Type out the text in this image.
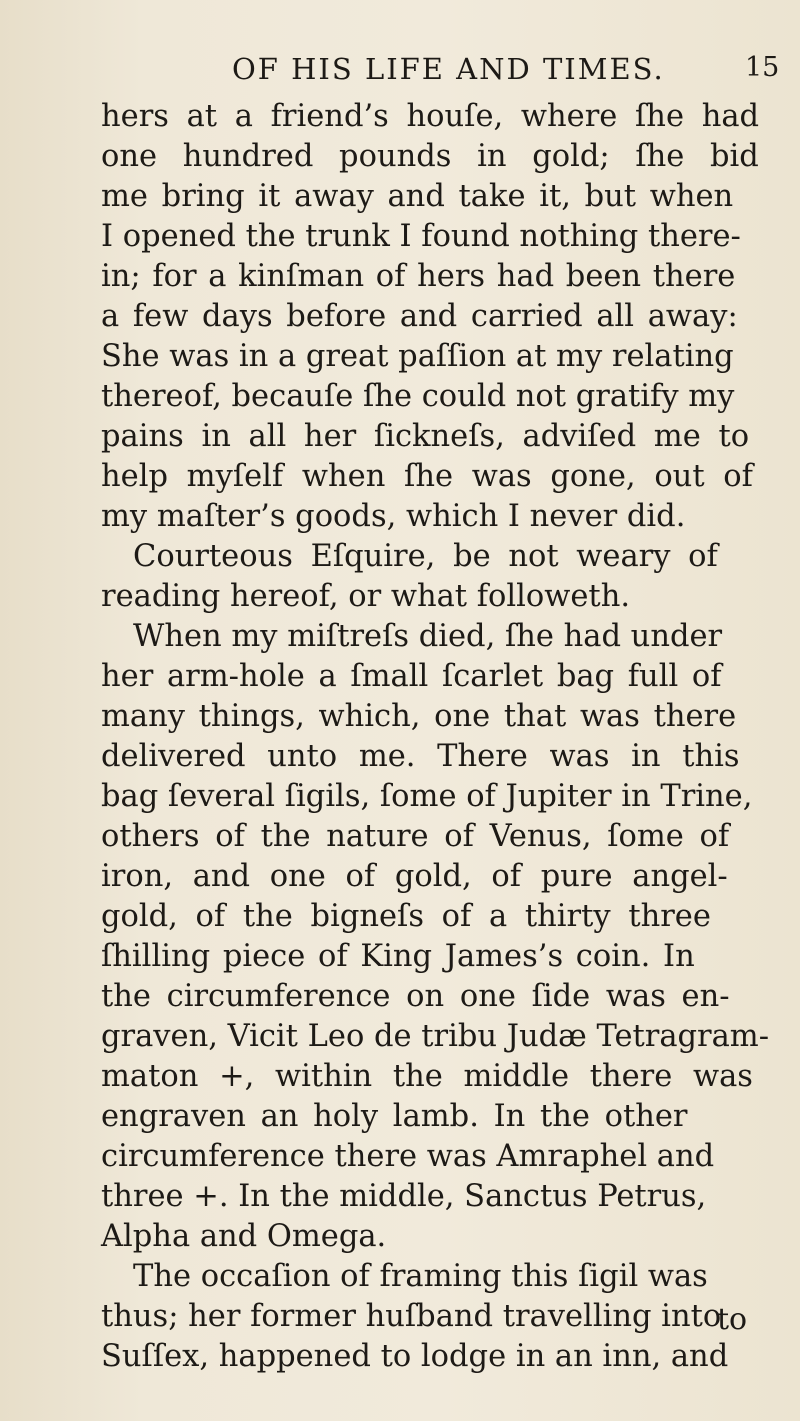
OF HIS LIFE AND TIMES.	15
hers at a friend’s houſe, where ſhe had
one hundred pounds in gold; ſhe bid
me bring it away and take it, but when
I opened the trunk I found nothing there-
in; for a kinſman of hers had been there
a few days before and carried all away:
She was in a great paſſion at my relating
thereof, becauſe ſhe could not gratify my
pains in all her ſickneſs, adviſed me to
help myſelf when ſhe was gone, out of
my maſter’s goods, which I never did.
Courteous Eſquire, be not weary of
reading hereof, or what followeth.
When my miſtreſs died, ſhe had under
her arm-hole a ſmall ſcarlet bag full of
many things, which, one that was there
delivered unto me. There was in this
bag ſeveral ſigils, ſome of Jupiter in Trine,
others of the nature of Venus, ſome of
iron, and one of gold, of pure angel-
gold, of the bigneſs of a thirty three
ſhilling piece of King James’s coin. In
the circumference on one ſide was en-
graven, Vicit Leo de tribu Judæ Tetragram-
maton +, within the middle there was
engraven an holy lamb. In the other
circumference there was Amraphel and
three +. In the middle, Sanctus Petrus,
Alpha and Omega.
The occaſion of framing this ſigil was
thus; her former huſband travelling into
Suſſex, happened to lodge in an inn, and
to
